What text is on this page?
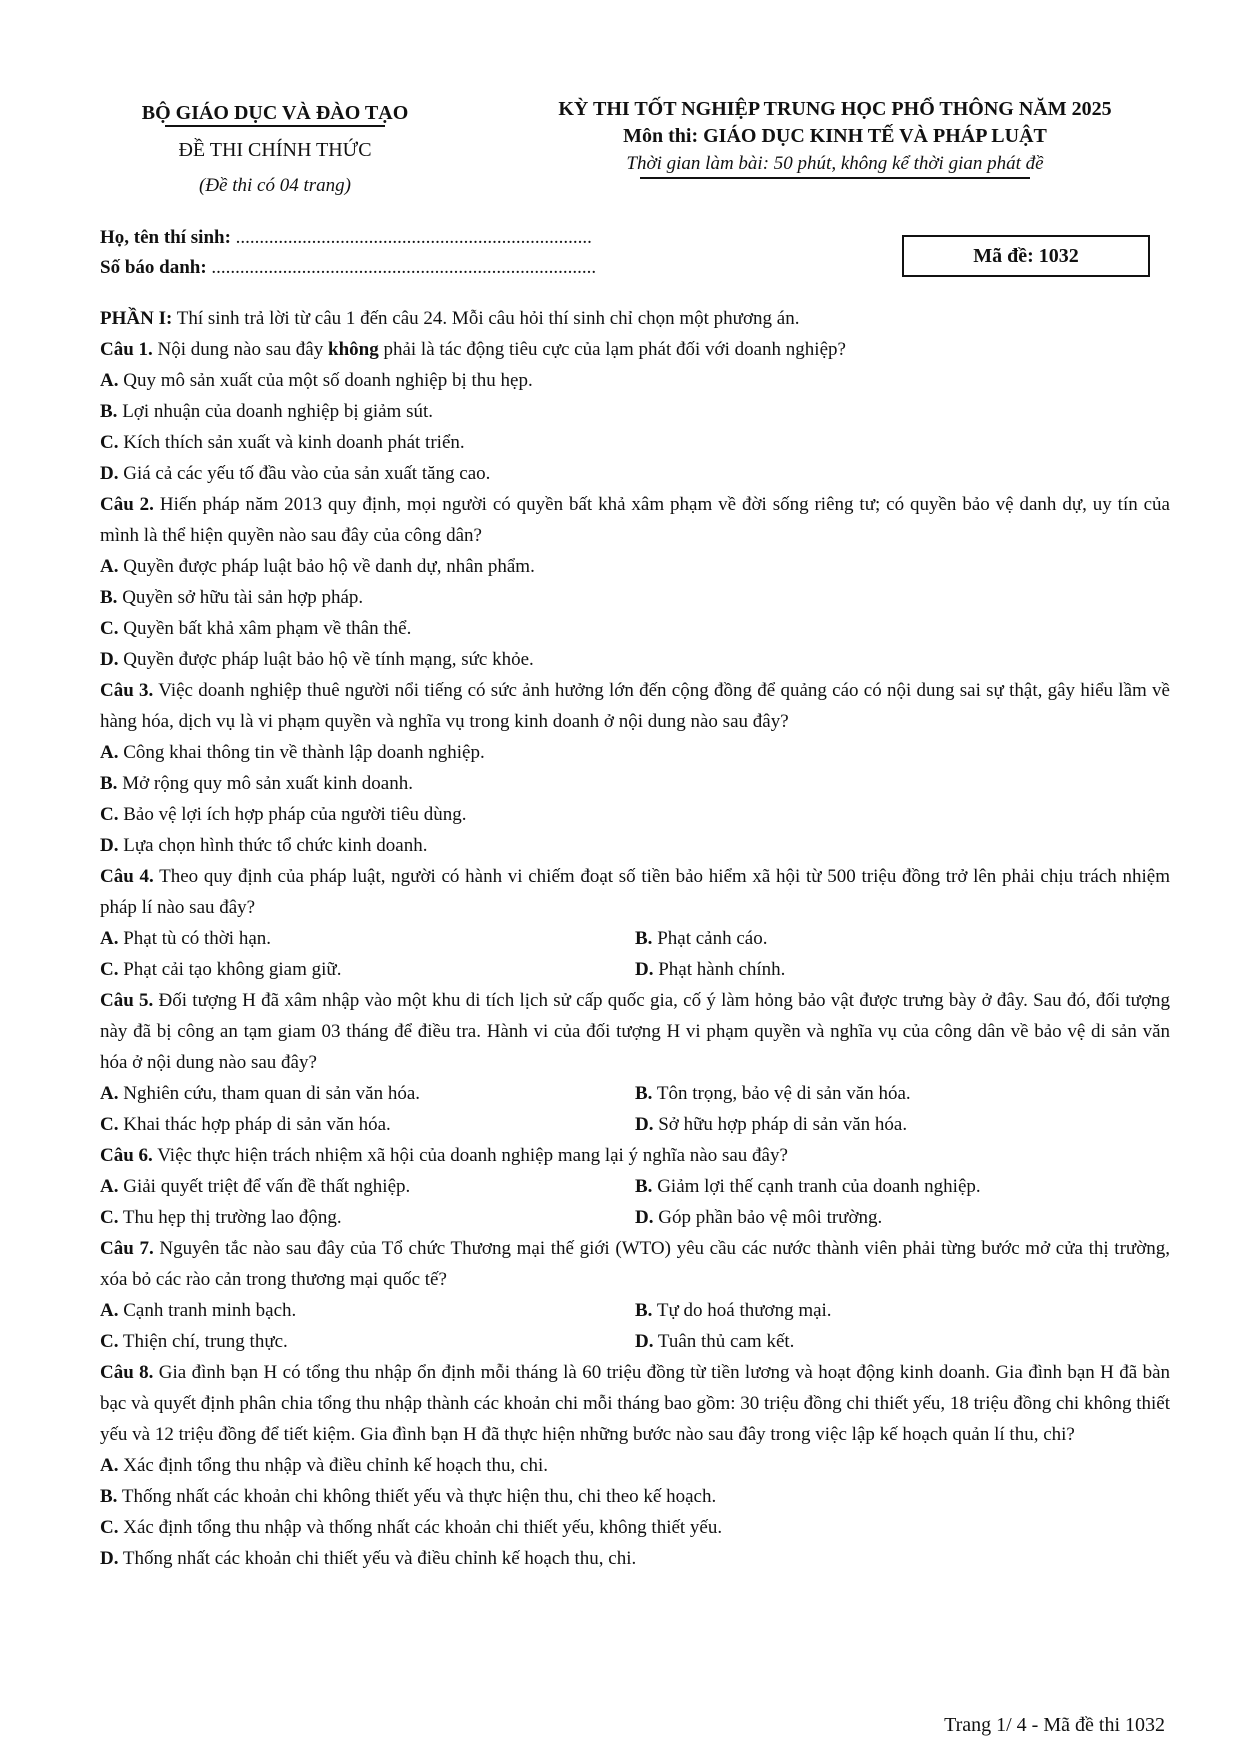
BỘ GIÁO DỤC VÀ ĐÀO TẠO
ĐỀ THI CHÍNH THỨC
(Đề thi có 04 trang)
KỲ THI TỐT NGHIỆP TRUNG HỌC PHỔ THÔNG NĂM 2025
Môn thi: GIÁO DỤC KINH TẾ VÀ PHÁP LUẬT
Thời gian làm bài: 50 phút, không kể thời gian phát đề
Họ, tên thí sinh: ...........................................................................
Số báo danh: .................................................................................
Mã đề: 1032

PHẦN I: Thí sinh trả lời từ câu 1 đến câu 24. Mỗi câu hỏi thí sinh chỉ chọn một phương án.

Câu 1. Nội dung nào sau đây không phải là tác động tiêu cực của lạm phát đối với doanh nghiệp?

A. Quy mô sản xuất của một số doanh nghiệp bị thu hẹp.

B. Lợi nhuận của doanh nghiệp bị giảm sút.

C. Kích thích sản xuất và kinh doanh phát triển.

D. Giá cả các yếu tố đầu vào của sản xuất tăng cao.

Câu 2. Hiến pháp năm 2013 quy định, mọi người có quyền bất khả xâm phạm về đời sống riêng tư; có quyền bảo vệ danh dự, uy tín của mình là thể hiện quyền nào sau đây của công dân?

A. Quyền được pháp luật bảo hộ về danh dự, nhân phẩm.

B. Quyền sở hữu tài sản hợp pháp.

C. Quyền bất khả xâm phạm về thân thể.

D. Quyền được pháp luật bảo hộ về tính mạng, sức khỏe.

Câu 3. Việc doanh nghiệp thuê người nổi tiếng có sức ảnh hưởng lớn đến cộng đồng để quảng cáo có nội dung sai sự thật, gây hiểu lầm về hàng hóa, dịch vụ là vi phạm quyền và nghĩa vụ trong kinh doanh ở nội dung nào sau đây?

A. Công khai thông tin về thành lập doanh nghiệp.

B. Mở rộng quy mô sản xuất kinh doanh.

C. Bảo vệ lợi ích hợp pháp của người tiêu dùng.

D. Lựa chọn hình thức tổ chức kinh doanh.

Câu 4. Theo quy định của pháp luật, người có hành vi chiếm đoạt số tiền bảo hiểm xã hội từ 500 triệu đồng trở lên phải chịu trách nhiệm pháp lí nào sau đây?

A. Phạt tù có thời hạn.	B. Phạt cảnh cáo.
C. Phạt cải tạo không giam giữ.	D. Phạt hành chính.

Câu 5. Đối tượng H đã xâm nhập vào một khu di tích lịch sử cấp quốc gia, cố ý làm hỏng bảo vật được trưng bày ở đây. Sau đó, đối tượng này đã bị công an tạm giam 03 tháng để điều tra. Hành vi của đối tượng H vi phạm quyền và nghĩa vụ của công dân về bảo vệ di sản văn hóa ở nội dung nào sau đây?

A. Nghiên cứu, tham quan di sản văn hóa.	B. Tôn trọng, bảo vệ di sản văn hóa.
C. Khai thác hợp pháp di sản văn hóa.	D. Sở hữu hợp pháp di sản văn hóa.

Câu 6. Việc thực hiện trách nhiệm xã hội của doanh nghiệp mang lại ý nghĩa nào sau đây?

A. Giải quyết triệt để vấn đề thất nghiệp.	B. Giảm lợi thế cạnh tranh của doanh nghiệp.
C. Thu hẹp thị trường lao động.	D. Góp phần bảo vệ môi trường.

Câu 7. Nguyên tắc nào sau đây của Tổ chức Thương mại thế giới (WTO) yêu cầu các nước thành viên phải từng bước mở cửa thị trường, xóa bỏ các rào cản trong thương mại quốc tế?

A. Cạnh tranh minh bạch.	B. Tự do hoá thương mại.
C. Thiện chí, trung thực.	D. Tuân thủ cam kết.

Câu 8. Gia đình bạn H có tổng thu nhập ổn định mỗi tháng là 60 triệu đồng từ tiền lương và hoạt động kinh doanh. Gia đình bạn H đã bàn bạc và quyết định phân chia tổng thu nhập thành các khoản chi mỗi tháng bao gồm: 30 triệu đồng chi thiết yếu, 18 triệu đồng chi không thiết yếu và 12 triệu đồng để tiết kiệm. Gia đình bạn H đã thực hiện những bước nào sau đây trong việc lập kế hoạch quản lí thu, chi?

A. Xác định tổng thu nhập và điều chỉnh kế hoạch thu, chi.

B. Thống nhất các khoản chi không thiết yếu và thực hiện thu, chi theo kế hoạch.

C. Xác định tổng thu nhập và thống nhất các khoản chi thiết yếu, không thiết yếu.

D. Thống nhất các khoản chi thiết yếu và điều chỉnh kế hoạch thu, chi.

Trang 1/ 4 - Mã đề thi 1032
